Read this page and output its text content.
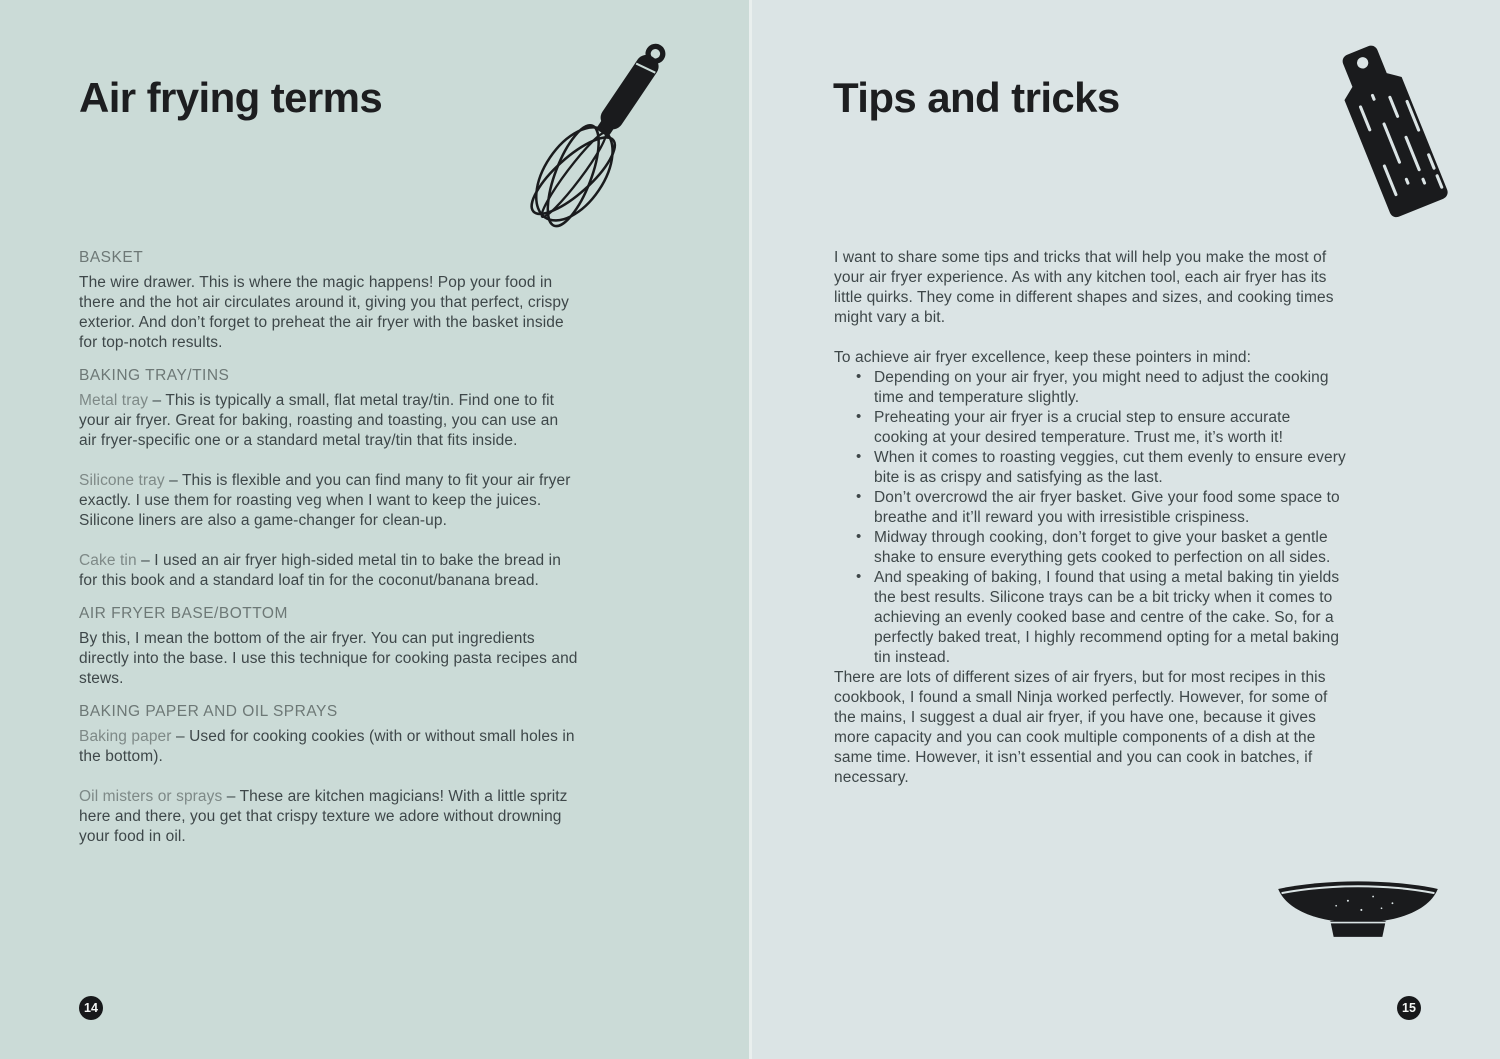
Air frying terms
BASKET

The wire drawer. This is where the magic happens! Pop your food in there and the hot air circulates around it, giving you that perfect, crispy exterior. And don’t forget to preheat the air fryer with the basket inside for top-notch results.

BAKING TRAY/TINS

Metal tray – This is typically a small, flat metal tray/tin. Find one to fit your air fryer. Great for baking, roasting and toasting, you can use an air fryer-specific one or a standard metal tray/tin that fits inside.

Silicone tray – This is flexible and you can find many to fit your air fryer exactly. I use them for roasting veg when I want to keep the juices. Silicone liners are also a game-changer for clean-up.

Cake tin – I used an air fryer high-sided metal tin to bake the bread in for this book and a standard loaf tin for the coconut/banana bread.

AIR FRYER BASE/BOTTOM

By this, I mean the bottom of the air fryer. You can put ingredients directly into the base. I use this technique for cooking pasta recipes and stews.

BAKING PAPER AND OIL SPRAYS

Baking paper – Used for cooking cookies (with or without small holes in the bottom).

Oil misters or sprays – These are kitchen magicians! With a little spritz here and there, you get that crispy texture we adore without drowning your food in oil.

14
Tips and tricks

I want to share some tips and tricks that will help you make the most of your air fryer experience. As with any kitchen tool, each air fryer has its little quirks. They come in different shapes and sizes, and cooking times might vary a bit.

To achieve air fryer excellence, keep these pointers in mind:

• Depending on your air fryer, you might need to adjust the cooking time and temperature slightly.
• Preheating your air fryer is a crucial step to ensure accurate cooking at your desired temperature. Trust me, it’s worth it!
• When it comes to roasting veggies, cut them evenly to ensure every bite is as crispy and satisfying as the last.
• Don’t overcrowd the air fryer basket. Give your food some space to breathe and it’ll reward you with irresistible crispiness.
• Midway through cooking, don’t forget to give your basket a gentle shake to ensure everything gets cooked to perfection on all sides.
• And speaking of baking, I found that using a metal baking tin yields the best results. Silicone trays can be a bit tricky when it comes to achieving an evenly cooked base and centre of the cake. So, for a perfectly baked treat, I highly recommend opting for a metal baking tin instead.

There are lots of different sizes of air fryers, but for most recipes in this cookbook, I found a small Ninja worked perfectly. However, for some of the mains, I suggest a dual air fryer, if you have one, because it gives more capacity and you can cook multiple components of a dish at the same time. However, it isn’t essential and you can cook in batches, if necessary.

15
